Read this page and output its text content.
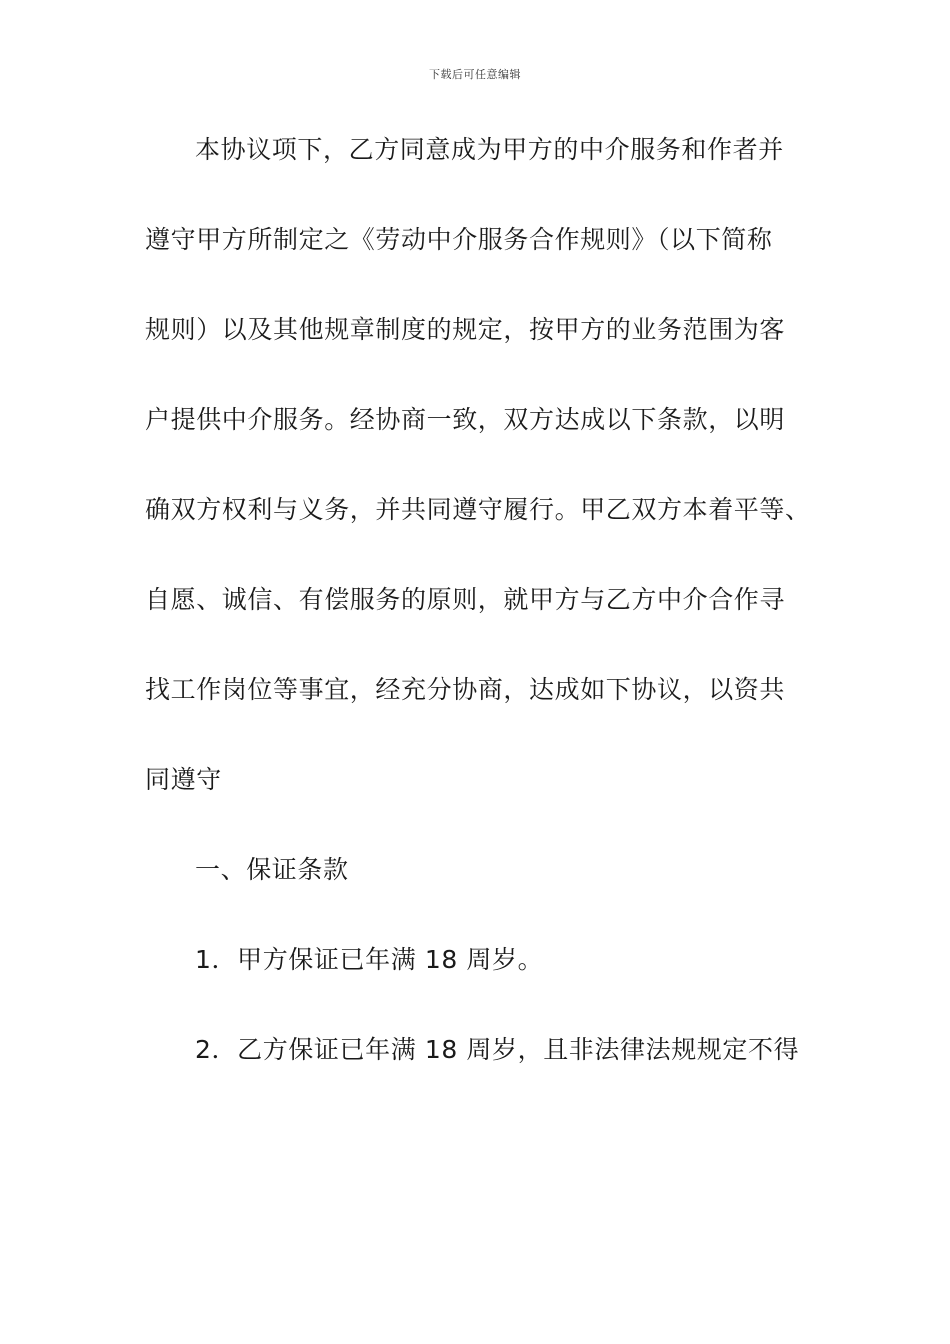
下载后可任意编辑
本协议项下，乙方同意成为甲方的中介服务和作者并
遵守甲方所制定之《劳动中介服务合作规则》（以下简称
规则）以及其他规章制度的规定，按甲方的业务范围为客
户提供中介服务。经协商一致，双方达成以下条款，以明
确双方权利与义务，并共同遵守履行。甲乙双方本着平等、
自愿、诚信、有偿服务的原则，就甲方与乙方中介合作寻
找工作岗位等事宜，经充分协商，达成如下协议，以资共
同遵守
一、保证条款
1．甲方保证已年满 18 周岁。
2．乙方保证已年满 18 周岁，且非法律法规规定不得
